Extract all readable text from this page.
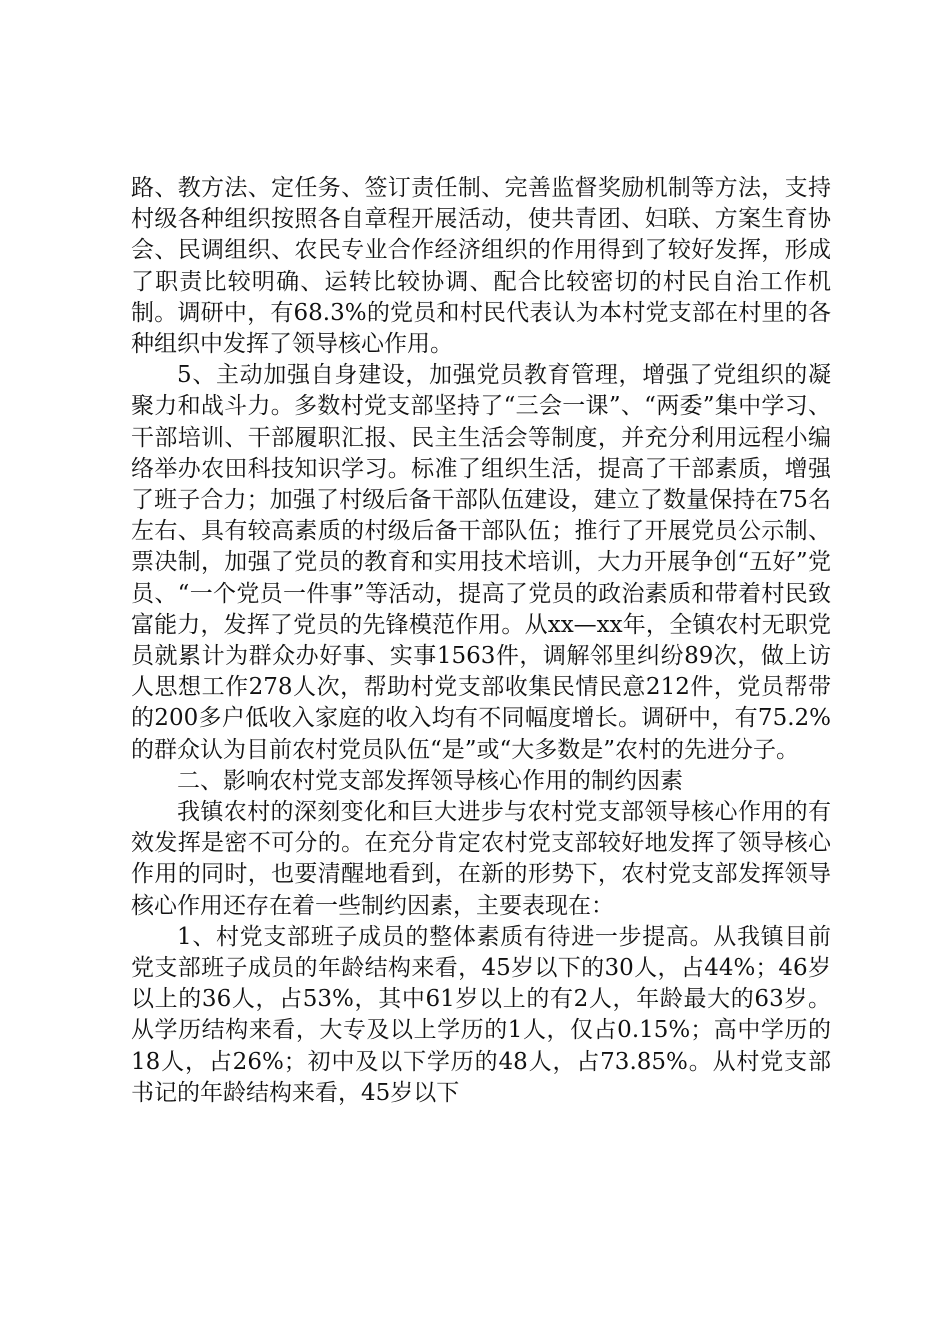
路、教方法、定任务、签订责任制、完善监督奖励机制等方法，支持村级各种组织按照各自章程开展活动，使共青团、妇联、方案生育协会、民调组织、农民专业合作经济组织的作用得到了较好发挥，形成了职责比较明确、运转比较协调、配合比较密切的村民自治工作机制。调研中，有68.3%的党员和村民代表认为本村党支部在村里的各种组织中发挥了领导核心作用。

5、主动加强自身建设，加强党员教育管理，增强了党组织的凝聚力和战斗力。多数村党支部坚持了“三会一课”、“两委”集中学习、干部培训、干部履职汇报、民主生活会等制度，并充分利用远程小编络举办农田科技知识学习。标准了组织生活，提高了干部素质，增强了班子合力；加强了村级后备干部队伍建设，建立了数量保持在75名左右、具有较高素质的村级后备干部队伍；推行了开展党员公示制、票决制，加强了党员的教育和实用技术培训，大力开展争创“五好”党员、“一个党员一件事”等活动，提高了党员的政治素质和带着村民致富能力，发挥了党员的先锋模范作用。从xx—xx年，全镇农村无职党员就累计为群众办好事、实事1563件，调解邻里纠纷89次，做上访人思想工作278人次，帮助村党支部收集民情民意212件，党员帮带的200多户低收入家庭的收入均有不同幅度增长。调研中，有75.2%的群众认为目前农村党员队伍“是”或“大多数是”农村的先进分子。

二、影响农村党支部发挥领导核心作用的制约因素

我镇农村的深刻变化和巨大进步与农村党支部领导核心作用的有效发挥是密不可分的。在充分肯定农村党支部较好地发挥了领导核心作用的同时，也要清醒地看到，在新的形势下，农村党支部发挥领导核心作用还存在着一些制约因素，主要表现在：

1、村党支部班子成员的整体素质有待进一步提高。从我镇目前党支部班子成员的年龄结构来看，45岁以下的30人，占44%；46岁以上的36人，占53%，其中61岁以上的有2人，年龄最大的63岁。从学历结构来看，大专及以上学历的1人，仅占0.15%；高中学历的18人，占26%；初中及以下学历的48人，占73.85%。从村党支部书记的年龄结构来看，45岁以下
